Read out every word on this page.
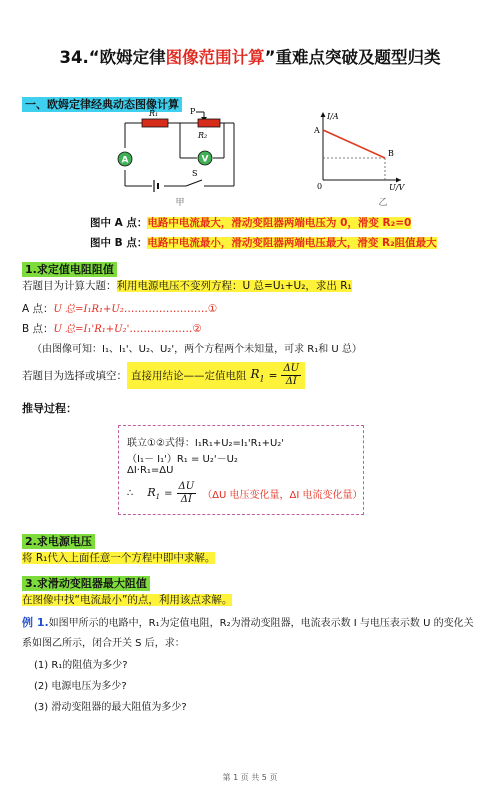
34.“欧姆定律图像范围计算”重难点突破及题型归类
一、欧姆定律经典动态图像计算
A	V
R₁
R₂
P
S
甲
I/A
U/V
0
A
B
乙
图中 A 点：电路中电流最大，滑动变阻器两端电压为 0，滑变 R₂=0
图中 B 点：电路中电流最小，滑动变阻器两端电压最大，滑变 R₂阻值最大
1.求定值电阻阻值
若题目为计算大题：利用电源电压不变列方程：U 总=U₁+U₂，求出 R₁
A 点：U 总=I₁R₁+U₂……………………①
B 点：U 总=I₁'R₁+U₂'………………②
（由图像可知：I₁、I₁'、U₂、U₂'，两个方程两个未知量，可求 R₁和 U 总）
若题目为选择或填空： 直接用结论——定值电阻 $R_1 = \frac{\Delta U}{\Delta I}$
推导过程：
联立①②式得：I₁R₁+U₂=I₁'R₁+U₂'
（I₁－ I₁'）R₁ = U₂'－U₂
ΔI·R₁=ΔU
∴ $R_1 = \frac{\Delta U}{\Delta I} (\Delta U$ 电压变化量，ΔI 电流变化量）
2.求电源电压
将 R₁代入上面任意一个方程中即中求解。
3.求滑动变阻器最大阻值
在图像中找“电流最小”的点，利用该点求解。
例 1.如图甲所示的电路中，R₁为定值电阻，R₂为滑动变阻器，电流表示数 I 与电压表示数 U 的变化关
系如图乙所示，闭合开关 S 后，求：
(1) R₁的阻值为多少?
(2) 电源电压为多少?
(3) 滑动变阻器的最大阻值为多少?
第 1 页 共 5 页
